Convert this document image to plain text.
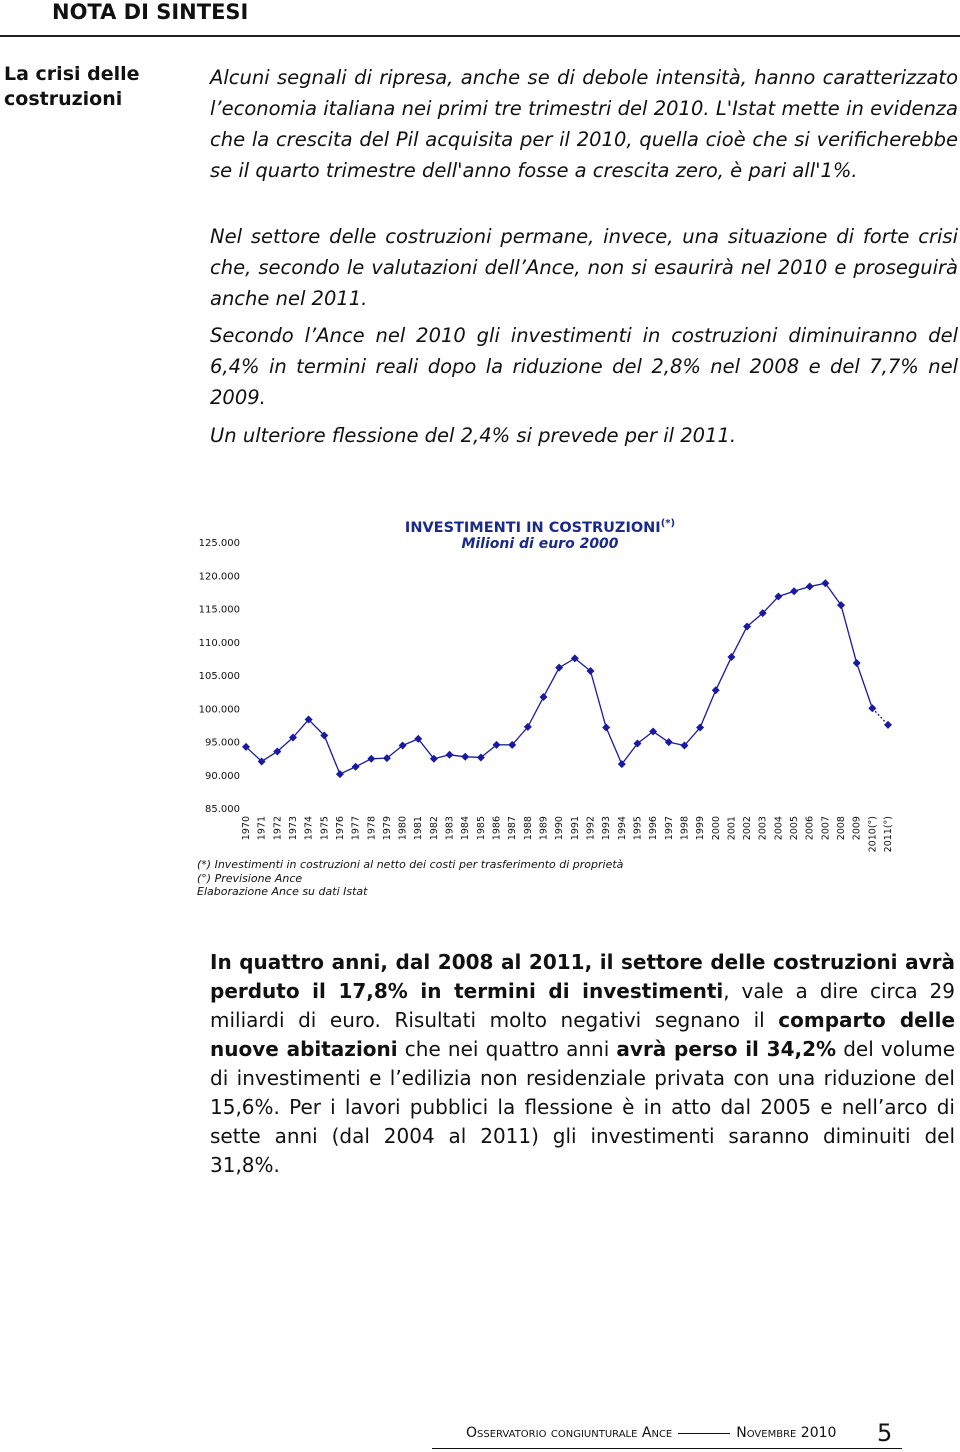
NOTA DI SINTESI
La crisi delle costruzioni

Alcuni segnali di ripresa, anche se di debole intensità, hanno caratterizzato l’economia italiana nei primi tre trimestri del 2010. L'Istat mette in evidenza che la crescita del Pil acquisita per il 2010, quella cioè che si verificherebbe se il quarto trimestre dell'anno fosse a crescita zero, è pari all'1%.

Nel settore delle costruzioni permane, invece, una situazione di forte crisi che, secondo le valutazioni dell’Ance, non si esaurirà nel 2010 e proseguirà anche nel 2011.

Secondo l’Ance nel 2010 gli investimenti in costruzioni diminuiranno del 6,4% in termini reali dopo la riduzione del 2,8% nel 2008 e del 7,7% nel 2009.

Un ulteriore flessione del 2,4% si prevede per il 2011.

INVESTIMENTI IN COSTRUZIONI(*)
Milioni di euro 2000
125.000
120.000
115.000
110.000
105.000
100.000
95.000
90.000
85.000
1970 1971 1972 1973 1974 1975 1976 1977 1978 1979 1980 1981 1982 1983 1984 1985 1986 1987 1988 1989 1990 1991 1992 1993 1994 1995 1996 1997 1998 1999 2000 2001 2002 2003 2004 2005 2006 2007 2008 2009 2010(°) 2011(°)
(*) Investimenti in costruzioni al netto dei costi per trasferimento di proprietà
(°) Previsione Ance
Elaborazione Ance su dati Istat
In quattro anni, dal 2008 al 2011, il settore delle costruzioni avrà perduto il 17,8% in termini di investimenti, vale a dire circa 29 miliardi di euro. Risultati molto negativi segnano il comparto delle nuove abitazioni che nei quattro anni avrà perso il 34,2% del volume di investimenti e l’edilizia non residenziale privata con una riduzione del 15,6%. Per i lavori pubblici la flessione è in atto dal 2005 e nell’arco di sette anni (dal 2004 al 2011) gli investimenti saranno diminuiti del 31,8%.
Osservatorio congiunturale Ance	Novembre 2010 5
